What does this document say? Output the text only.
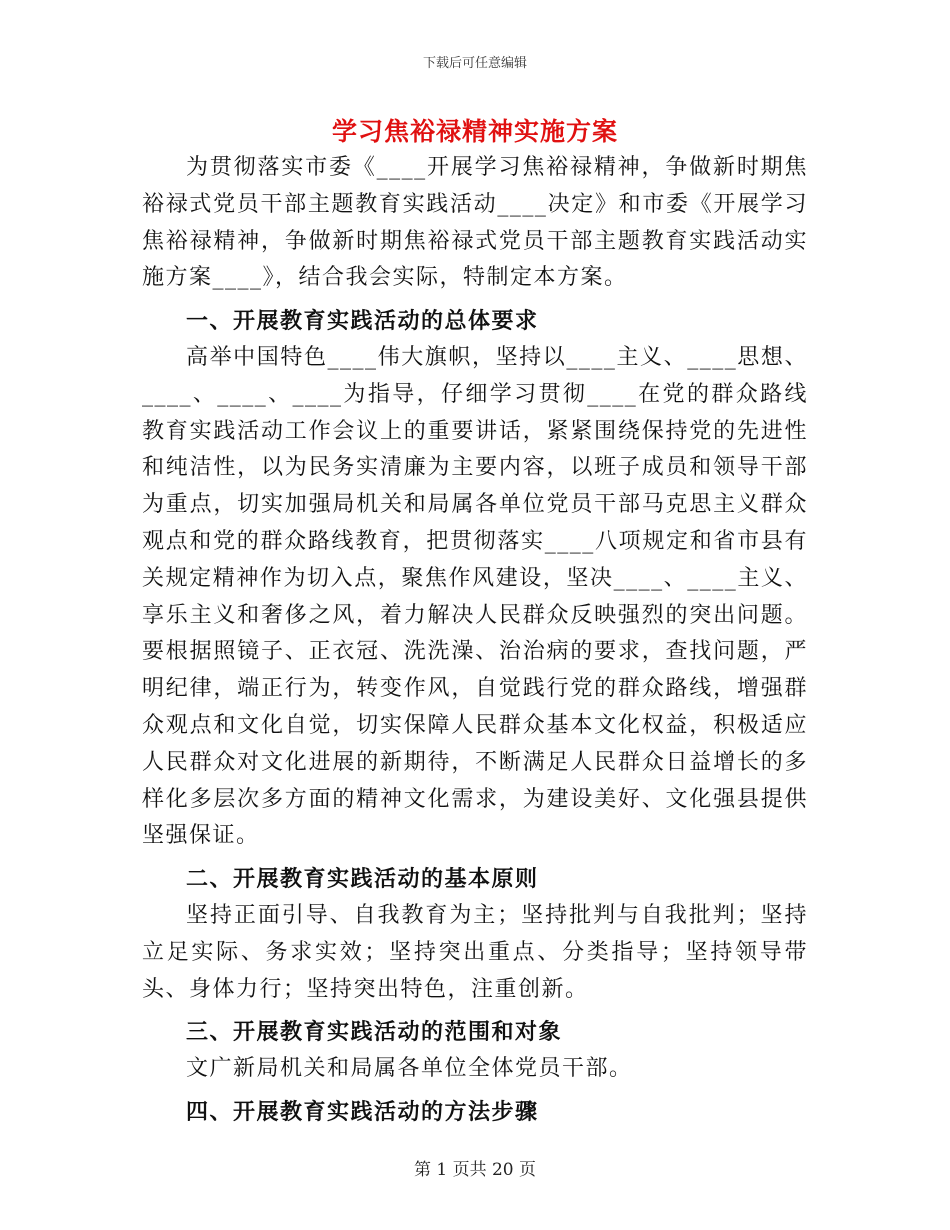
下载后可任意编辑
学习焦裕禄精神实施方案

为贯彻落实市委《____开展学习焦裕禄精神，争做新时期焦裕禄式党员干部主题教育实践活动____决定》和市委《开展学习焦裕禄精神，争做新时期焦裕禄式党员干部主题教育实践活动实施方案____》，结合我会实际，特制定本方案。

一、开展教育实践活动的总体要求

高举中国特色____伟大旗帜，坚持以____主义、____思想、____、____、____为指导，仔细学习贯彻____在党的群众路线教育实践活动工作会议上的重要讲话，紧紧围绕保持党的先进性和纯洁性，以为民务实清廉为主要内容，以班子成员和领导干部为重点，切实加强局机关和局属各单位党员干部马克思主义群众观点和党的群众路线教育，把贯彻落实____八项规定和省市县有关规定精神作为切入点，聚焦作风建设，坚决____、____主义、享乐主义和奢侈之风，着力解决人民群众反映强烈的突出问题。要根据照镜子、正衣冠、洗洗澡、治治病的要求，查找问题，严明纪律，端正行为，转变作风，自觉践行党的群众路线，增强群众观点和文化自觉，切实保障人民群众基本文化权益，积极适应人民群众对文化进展的新期待，不断满足人民群众日益增长的多样化多层次多方面的精神文化需求，为建设美好、文化强县提供坚强保证。

二、开展教育实践活动的基本原则

坚持正面引导、自我教育为主；坚持批判与自我批判；坚持立足实际、务求实效；坚持突出重点、分类指导；坚持领导带头、身体力行；坚持突出特色，注重创新。

三、开展教育实践活动的范围和对象

文广新局机关和局属各单位全体党员干部。

四、开展教育实践活动的方法步骤
第 1 页共 20 页
